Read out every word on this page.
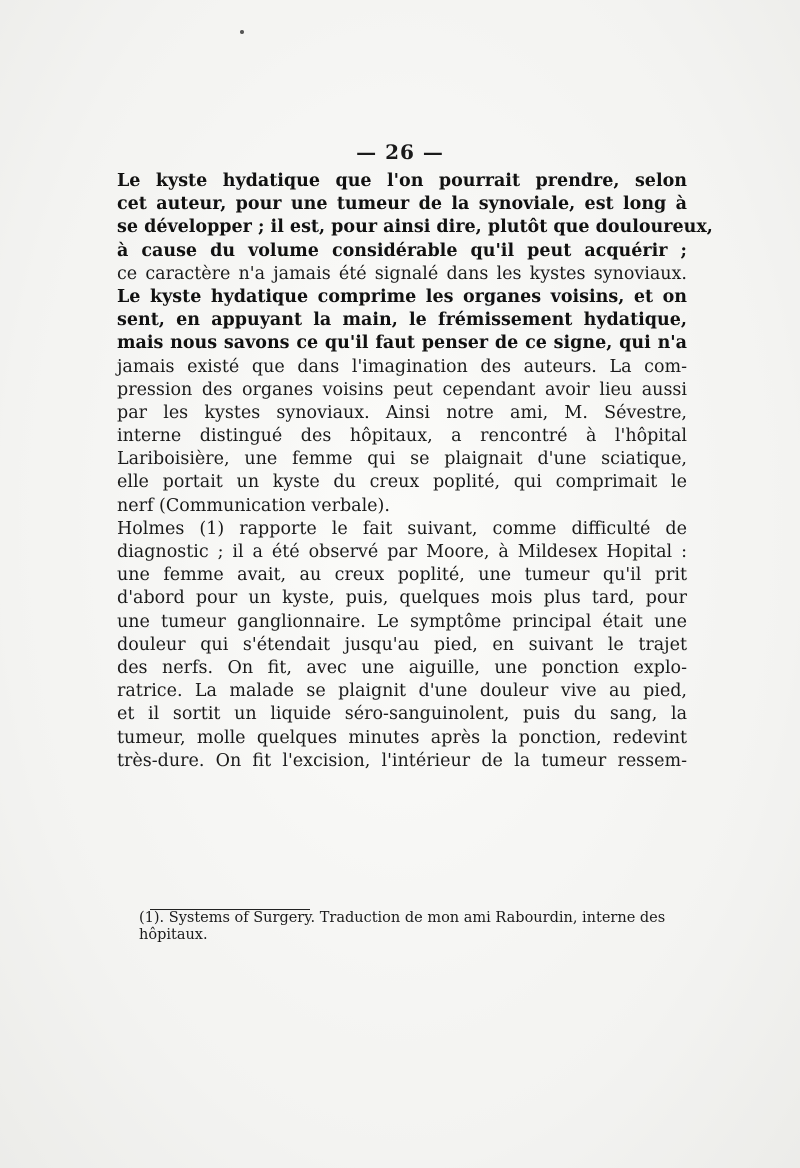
— 26 —
Le kyste hydatique que l'on pourrait prendre, selon
cet auteur, pour une tumeur de la synoviale, est long à
se développer ; il est, pour ainsi dire, plutôt que douloureux,
à cause du volume considérable qu'il peut acquérir ;
ce caractère n'a jamais été signalé dans les kystes synoviaux.
Le kyste hydatique comprime les organes voisins, et on
sent, en appuyant la main, le frémissement hydatique,
mais nous savons ce qu'il faut penser de ce signe, qui n'a
jamais existé que dans l'imagination des auteurs. La com-
pression des organes voisins peut cependant avoir lieu aussi
par les kystes synoviaux. Ainsi notre ami, M. Sévestre,
interne distingué des hôpitaux, a rencontré à l'hôpital
Lariboisière, une femme qui se plaignait d'une sciatique,
elle portait un kyste du creux poplité, qui comprimait le
nerf (Communication verbale).
Holmes (1) rapporte le fait suivant, comme difficulté de
diagnostic ; il a été observé par Moore, à Mildesex Hopital :
une femme avait, au creux poplité, une tumeur qu'il prit
d'abord pour un kyste, puis, quelques mois plus tard, pour
une tumeur ganglionnaire. Le symptôme principal était une
douleur qui s'étendait jusqu'au pied, en suivant le trajet
des nerfs. On fit, avec une aiguille, une ponction explo-
ratrice. La malade se plaignit d'une douleur vive au pied,
et il sortit un liquide séro-sanguinolent, puis du sang, la
tumeur, molle quelques minutes après la ponction, redevint
très-dure. On fit l'excision, l'intérieur de la tumeur ressem-
(1). Systems of Surgery. Traduction de mon ami Rabourdin, interne des
hôpitaux.
